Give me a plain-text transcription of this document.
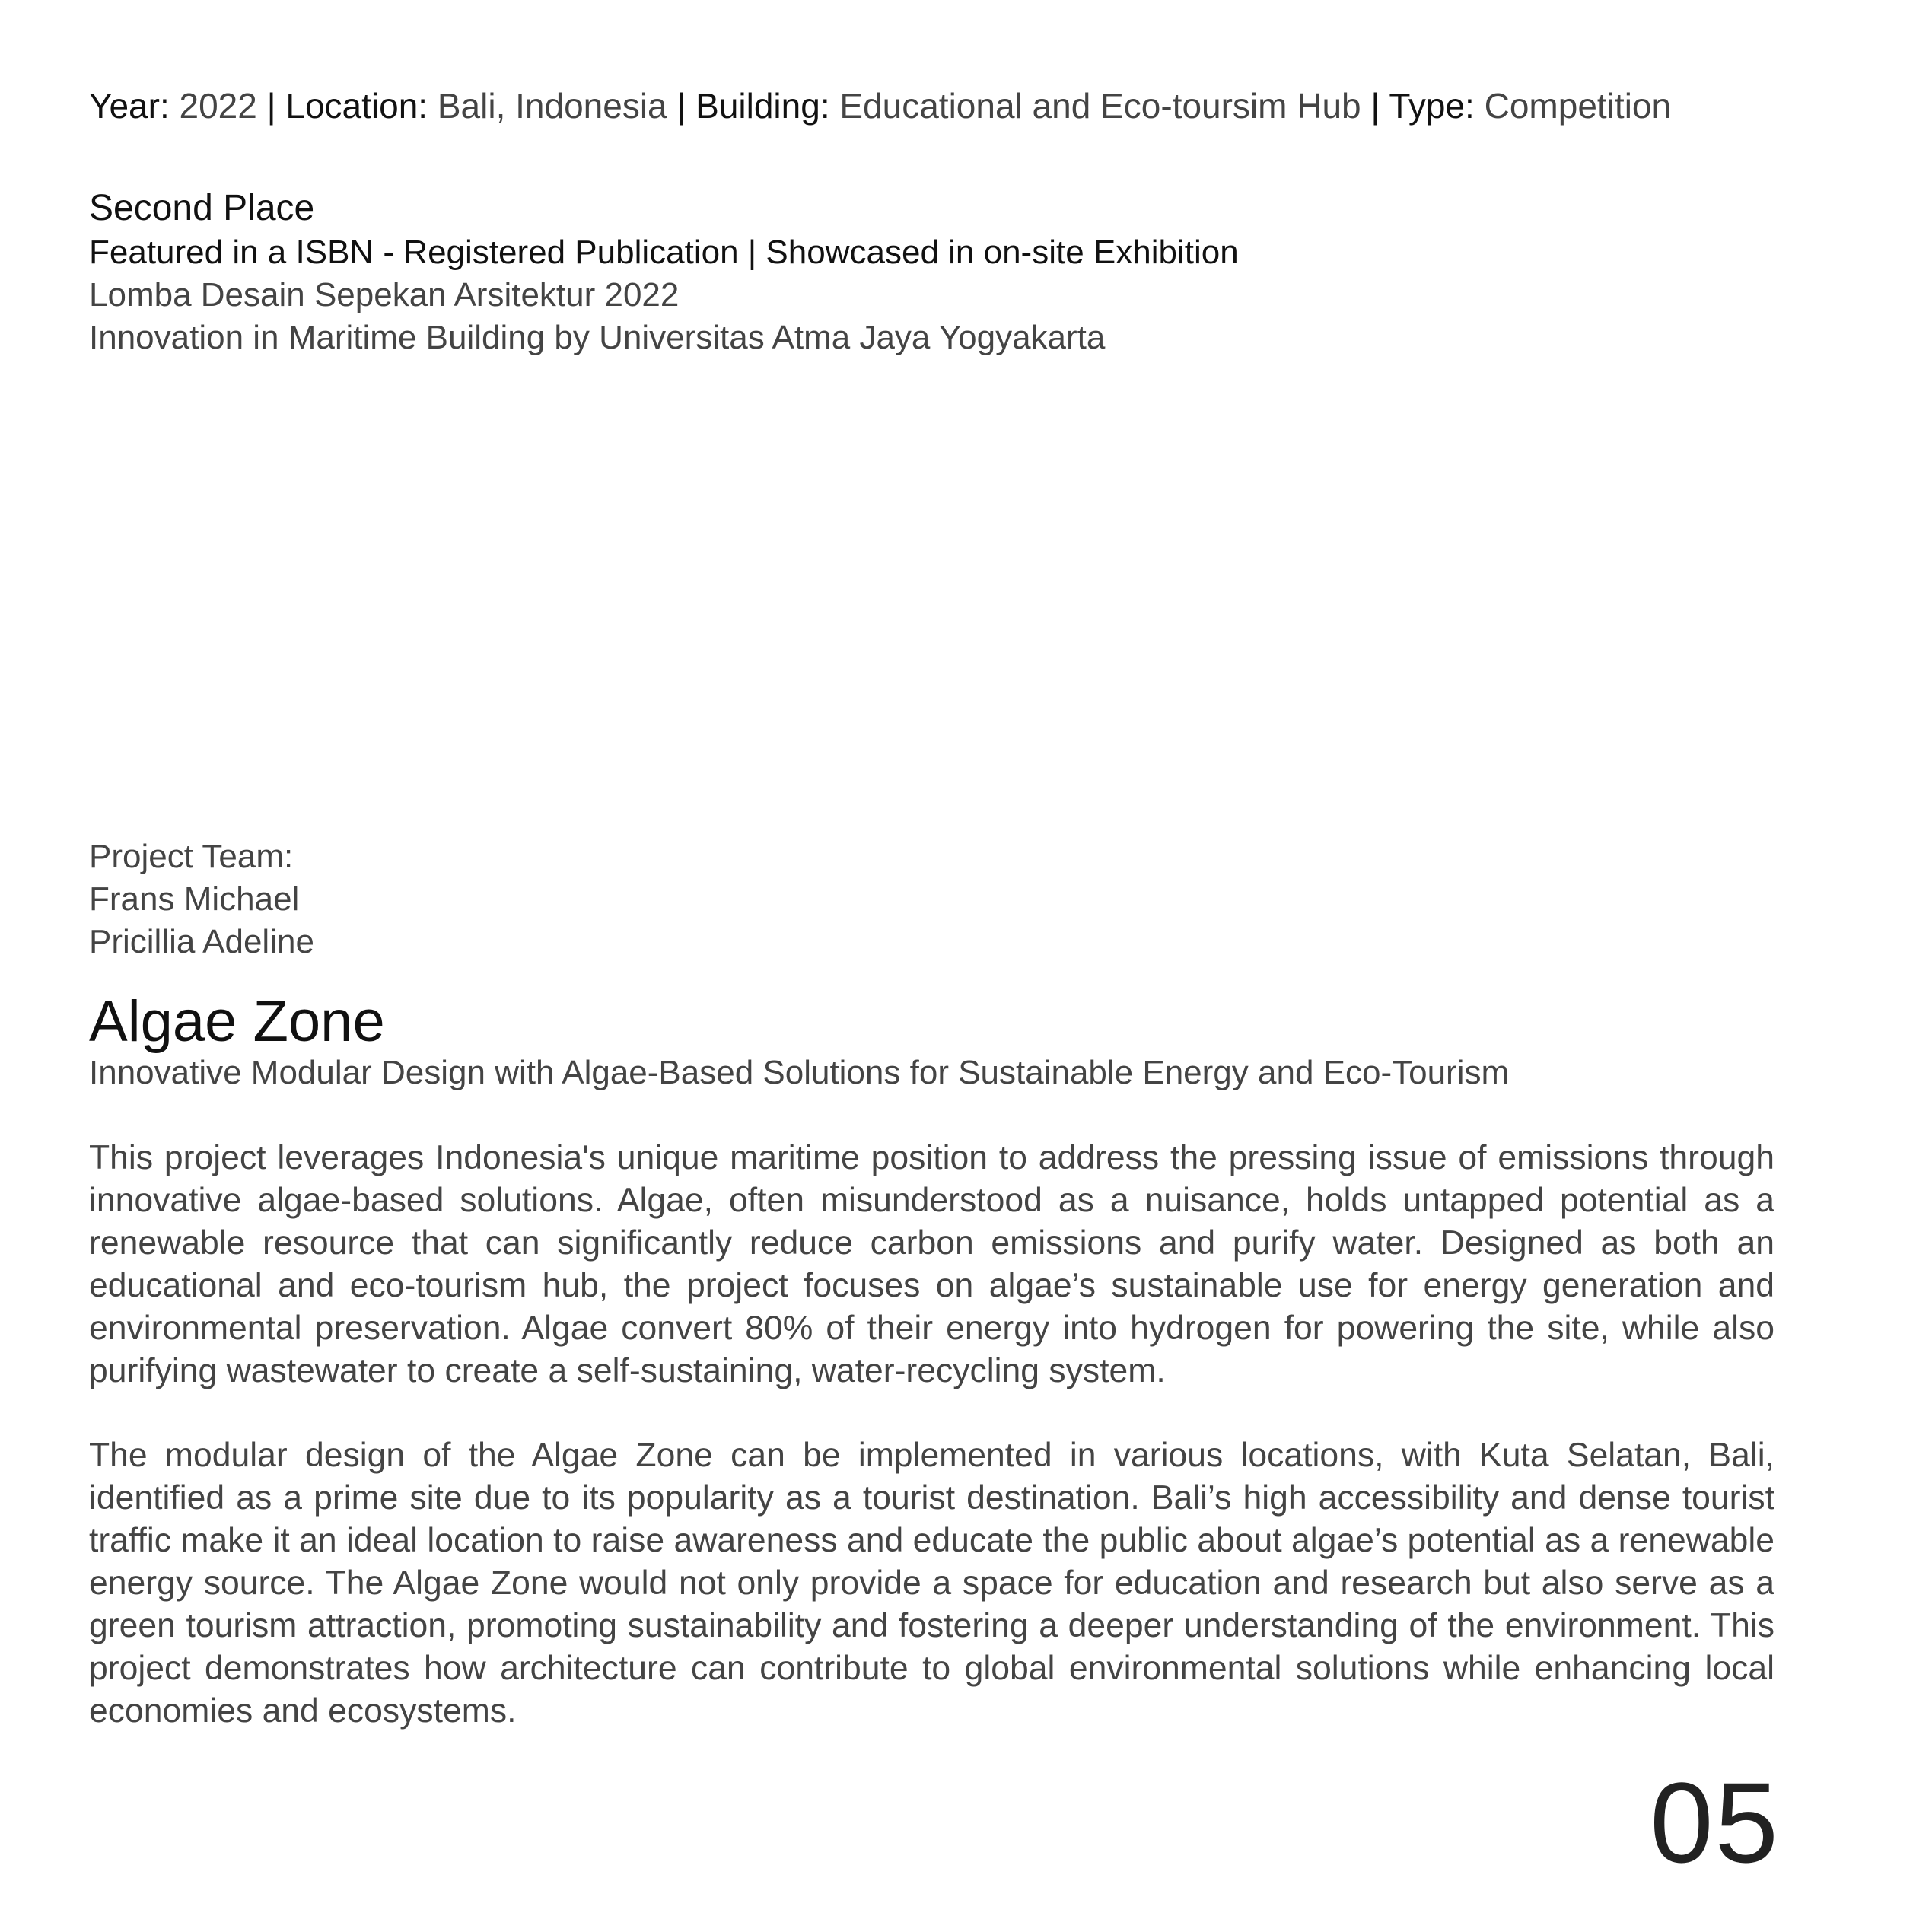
Year: 2022 | Location: Bali, Indonesia | Building: Educational and Eco-toursim Hub | Type: Competition
Second Place
Featured in a ISBN - Registered Publication | Showcased in on-site Exhibition
Lomba Desain Sepekan Arsitektur 2022
Innovation in Maritime Building by Universitas Atma Jaya Yogyakarta
Project Team:
Frans Michael
Pricillia Adeline
Algae Zone
Innovative Modular Design with Algae-Based Solutions for Sustainable Energy and Eco-Tourism

This project leverages Indonesia's unique maritime position to address the pressing issue of emissions through innovative algae-based solutions. Algae, often misunderstood as a nuisance, holds untapped potential as a renewable resource that can significantly reduce carbon emissions and purify water. Designed as both an educational and eco-tourism hub, the project focuses on algae’s sustainable use for energy generation and environmental preservation. Algae convert 80% of their energy into hydrogen for powering the site, while also purifying wastewater to create a self-sustaining, water-recycling system.

The modular design of the Algae Zone can be implemented in various locations, with Kuta Selatan, Bali, identified as a prime site due to its popularity as a tourist destination. Bali’s high accessibility and dense tourist traffic make it an ideal location to raise awareness and educate the public about algae’s potential as a renewable energy source. The Algae Zone would not only provide a space for education and research but also serve as a green tourism attraction, promoting sustainability and fostering a deeper understanding of the environment. This project demonstrates how architecture can contribute to global environmental solutions while enhancing local economies and ecosystems.

05
